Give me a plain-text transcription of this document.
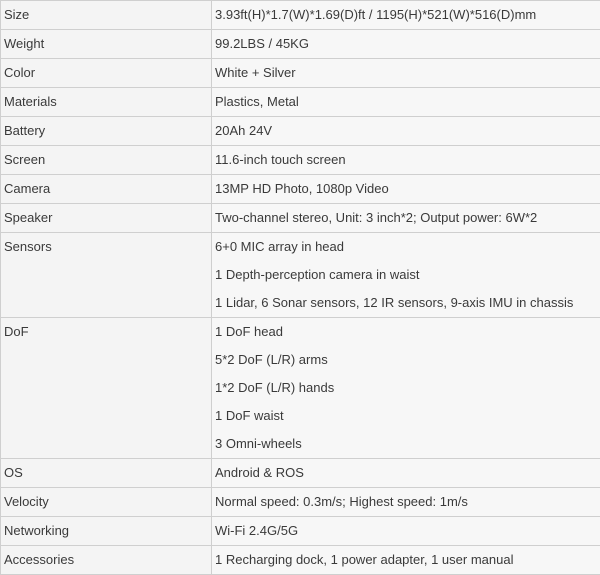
Size	3.93ft(H)*1.7(W)*1.69(D)ft / 1195(H)*521(W)*516(D)mm

Weight	99.2LBS / 45KG

Color	White + Silver

Materials	Plastics, Metal

Battery	20Ah 24V

Screen	11.6-inch touch screen

Camera	13MP HD Photo, 1080p Video

Speaker	Two-channel stereo, Unit: 3 inch*2; Output power: 6W*2

Sensors	6+0 MIC array in head
1 Depth-perception camera in waist
1 Lidar, 6 Sonar sensors, 12 IR sensors, 9-axis IMU in chassis

DoF	1 DoF head
5*2 DoF (L/R) arms
1*2 DoF (L/R) hands
1 DoF waist
3 Omni-wheels

OS	Android & ROS

Velocity	Normal speed: 0.3m/s; Highest speed: 1m/s

Networking	Wi-Fi 2.4G/5G

Accessories	1 Recharging dock, 1 power adapter, 1 user manual
